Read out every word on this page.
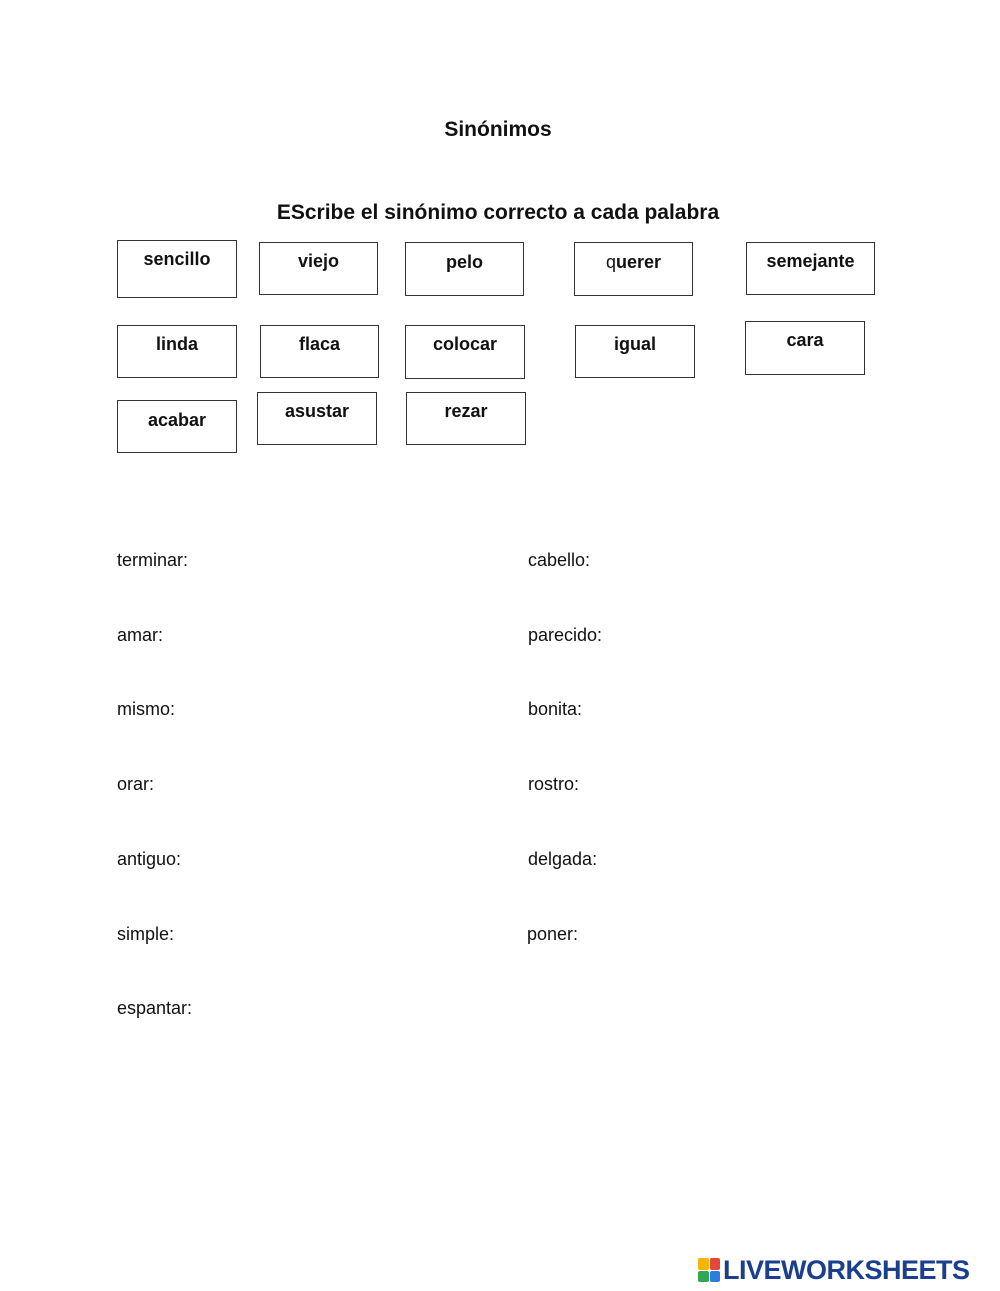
Sinónimos
EScribe el sinónimo correcto a cada palabra
sencillo	viejo	pelo	querer	semejante
linda	flaca	colocar	igual	cara
acabar	asustar	rezar
terminar:	cabello:
amar:	parecido:
mismo:	bonita:
orar:	rostro:
antiguo:	delgada:
simple:	poner:
espantar:
LIVEWORKSHEETS
